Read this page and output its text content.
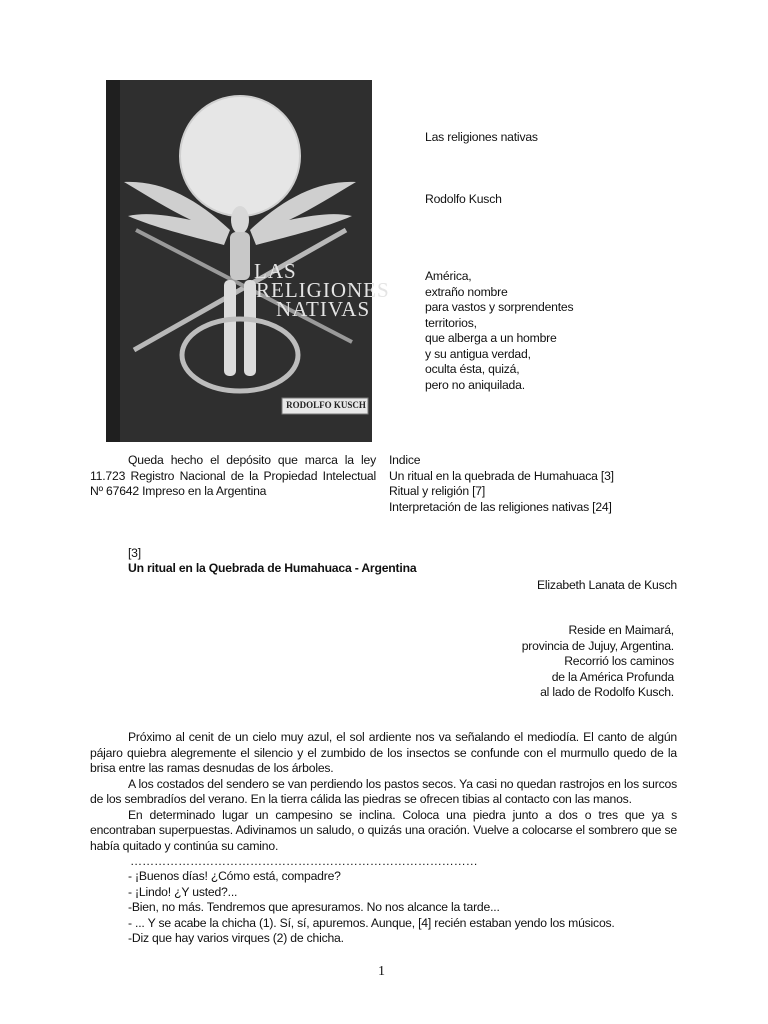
LAS
RELIGIONES
NATIVAS
RODOLFO KUSCH
Las religiones nativas
Rodolfo Kusch

América,

extraño nombre

para vastos y sorprendentes

territorios,

que alberga a un hombre

y su antigua verdad,

oculta ésta, quizá,

pero no aniquilada.

Queda hecho el depósito que marca la ley 11.723 Registro Nacional de la Propiedad Intelectual Nº 67642 Impreso en la Argentina

Indice

Un ritual en la quebrada de Humahuaca [3]

Ritual y religión [7]

Interpretación de las religiones nativas [24]

[3]
Un ritual en la Quebrada de Humahuaca - Argentina
Elizabeth Lanata de Kusch

Reside en Maimará,

provincia de Jujuy, Argentina.

Recorrió los caminos

de la América Profunda

al lado de Rodolfo Kusch.

Próximo al cenit de un cielo muy azul, el sol ardiente nos va señalando el mediodía. El canto de algún pájaro quiebra alegremente el silencio y el zumbido de los insectos se confunde con el murmullo quedo de la brisa entre las ramas desnudas de los árboles.

A los costados del sendero se van perdiendo los pastos secos. Ya casi no quedan rastrojos en los surcos de los sembradíos del verano. En la tierra cálida las piedras se ofrecen tibias al contacto con las manos.

En determinado lugar un campesino se inclina. Coloca una piedra junto a dos o tres que ya s encontraban superpuestas. Adivinamos un saludo, o quizás una oración. Vuelve a colocarse el sombrero que se había quitado y continúa su camino.

……………………………………………………………………………

- ¡Buenos días! ¿Cómo está, compadre?

- ¡Lindo! ¿Y usted?...

-Bien, no más. Tendremos que apresuramos. No nos alcance la tarde...

- ... Y se acabe la chicha (1). Sí, sí, apuremos. Aunque, [4] recién estaban yendo los músicos.

-Diz que hay varios virques (2) de chicha.

1
